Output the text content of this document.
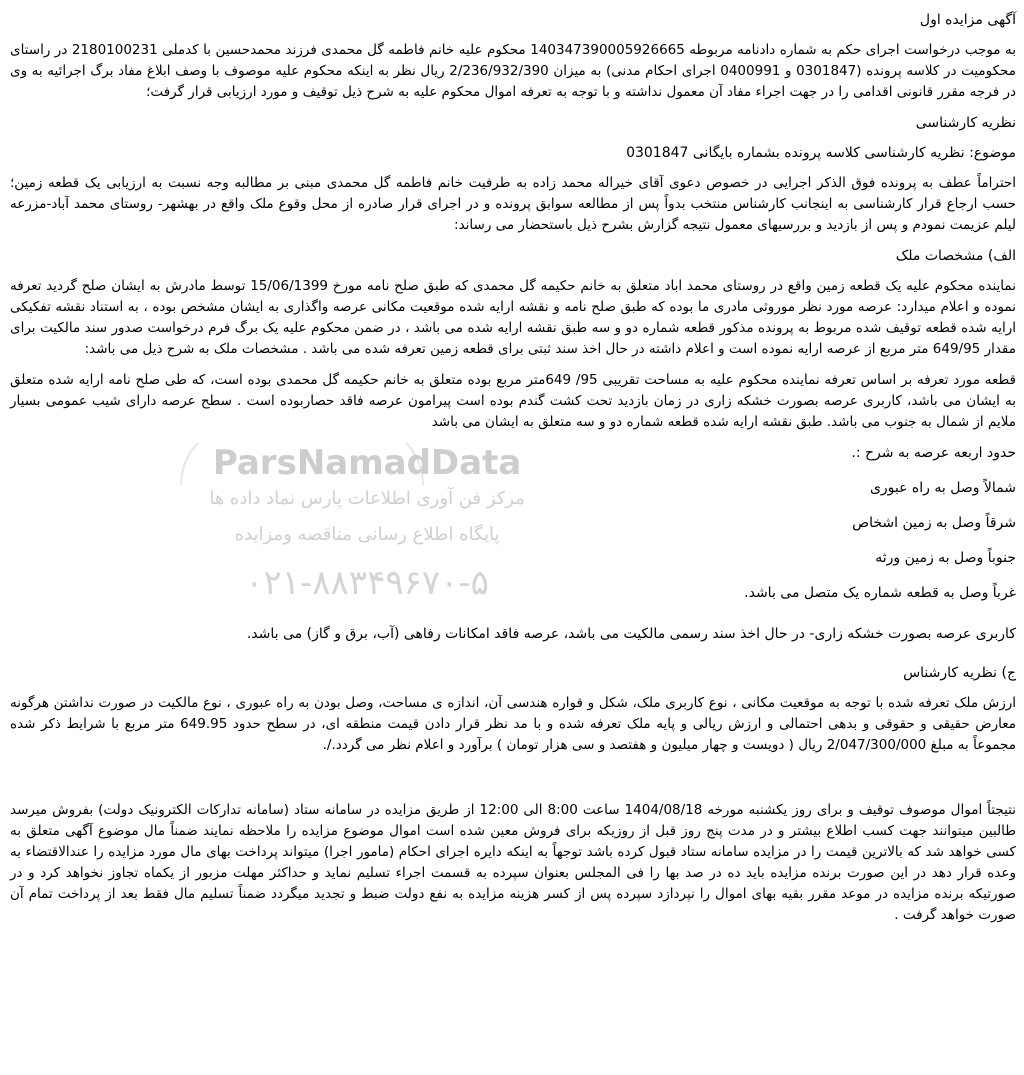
آگهی مزایده اول
به موجب درخواست اجرای حکم به شماره دادنامه مربوطه 140347390005926665 محکوم علیه خانم فاطمه گل محمدی فرزند محمدحسین با کدملی 2180100231 در راستای محکومیت در کلاسه پرونده (0301847 و 0400991 اجرای احکام مدنی) به میزان 2/236/932/390 ریال نظر به اینکه محکوم علیه موصوف با وصف ابلاغ مفاد برگ اجرائیه به وی در فرجه مقرر قانونی اقدامی را در جهت اجراء مفاد آن معمول نداشته و با توجه به تعرفه اموال محکوم علیه به شرح ذیل توقیف و مورد ارزیابی قرار گرفت؛
نظریه کارشناسی
موضوع: نظریه کارشناسی کلاسه پرونده بشماره بایگانی 0301847
احتراماً عطف به پرونده فوق الذکر اجرایی در خصوص دعوی آقای خیراله محمد زاده به طرفیت خانم فاطمه گل محمدی مبنی بر مطالبه وجه نسبت به ارزیابی یک قطعه زمین؛ حسب ارجاع قرار کارشناسی به اینجانب کارشناس منتخب بدواً پس از مطالعه سوابق پرونده و در اجرای قرار صادره از محل وقوع ملک واقع در بهشهر- روستای محمد آباد-مزرعه لیلم عزیمت نمودم و پس از بازدید و بررسیهای معمول نتیجه گزارش بشرح ذیل باستحضار می رساند:
الف) مشخصات ملک
نماینده محکوم علیه یک قطعه زمین واقع در روستای محمد اباد متعلق به خانم حکیمه گل محمدی که طبق صلح نامه مورخ 15/06/1399 توسط مادرش به ایشان صلح گردید تعرفه نموده و اعلام میدارد: عرصه مورد نظر موروثی مادری ما بوده که طبق صلح نامه و نقشه ارایه شده موقعیت مکانی عرصه واگذاری به ایشان مشخص بوده ، به استناد نقشه تفکیکی ارایه شده قطعه توقیف شده مربوط به پرونده مذکور قطعه شماره دو و سه طبق نقشه ارایه شده می باشد ، در ضمن محکوم علیه یک برگ فرم درخواست صدور سند مالکیت برای مقدار 649/95 متر مربع از عرصه ارایه نموده است و اعلام داشته در حال اخذ سند ثبتی برای قطعه زمین تعرفه شده می باشد . مشخصات ملک به شرح ذیل می باشد:
قطعه مورد تعرفه بر اساس تعرفه نماینده محکوم علیه به مساحت تقریبی 95/ 649متر مربع بوده متعلق به خانم حکیمه گل محمدی بوده است، که طی صلح نامه ارایه شده متعلق به ایشان می باشد، کاربری عرصه بصورت خشکه زاری در زمان بازدید تحت کشت گندم بوده است پیرامون عرصه فاقد حصاربوده است . سطح عرصه دارای شیب عمومی بسیار ملایم از شمال به جنوب می باشد. طبق نقشه ارایه شده قطعه شماره دو و سه متعلق به ایشان می باشد
حدود اربعه عرصه به شرح :.
شمالاً وصل به راه عبوری
شرقاً وصل به زمین اشخاص
جنوباً وصل به زمین ورثه
غرباً وصل به قطعه شماره یک متصل می باشد.
ParsNamadData
مرکز فن آوری اطلاعات پارس نماد داده ها
پایگاه اطلاع رسانی مناقصه ومزایده
۰۲۱-۸۸۳۴۹۶۷۰-۵
کاربری عرصه بصورت خشکه زاری- در حال اخذ سند رسمی مالکیت می باشد، عرصه فاقد امکانات رفاهی (آب، برق و گاز) می باشد.
ج) نظریه کارشناس
ارزش ملک تعرفه شده با توجه به موقعیت مکانی ، نوع کاربری ملک، شکل و قواره هندسی آن، اندازه ی مساحت، وصل بودن به راه عبوری ، نوع مالکیت در صورت نداشتن هرگونه معارض حقیقی و حقوقی و بدهی احتمالی و ارزش ریالی و پایه ملک تعرفه شده و با مد نظر قرار دادن قیمت منطقه ای، در سطح حدود 649.95 متر مربع با شرایط ذکر شده مجموعاً به مبلغ 2/047/300/000 ریال ( دویست و چهار میلیون و هفتصد و سی هزار تومان ) برآورد و اعلام نظر می گردد./.
نتیجتاً اموال موصوف توقیف و برای روز یکشنبه مورخه 1404/08/18 ساعت 8:00 الی 12:00 از طریق مزایده در سامانه ستاد (سامانه تدارکات الکترونیک دولت) بفروش میرسد طالبین میتوانند جهت کسب اطلاع بیشتر و در مدت پنج روز قبل از روزیکه برای فروش معین شده است اموال موضوع مزایده را ملاحظه نمایند ضمناً مال موضوع آگهی متعلق به کسی خواهد شد که بالاترین قیمت را در مزایده سامانه ستاد قبول کرده باشد توجهاً به اینکه دایره اجرای احکام (مامور اجرا) میتواند پرداخت بهای مال مورد مزایده را عندالاقتضاء به وعده قرار دهد در این صورت برنده مزایده باید ده در صد بها را فی المجلس بعنوان سپرده به قسمت اجراء تسلیم نماید و حداکثر مهلت مزبور از یکماه تجاوز نخواهد کرد و در صورتیکه برنده مزایده در موعد مقرر بقیه بهای اموال را نپردازد سپرده پس از کسر هزینه مزایده به نفع دولت ضبط و تجدید میگردد ضمناً تسلیم مال فقط بعد از پرداخت تمام آن صورت خواهد گرفت .
